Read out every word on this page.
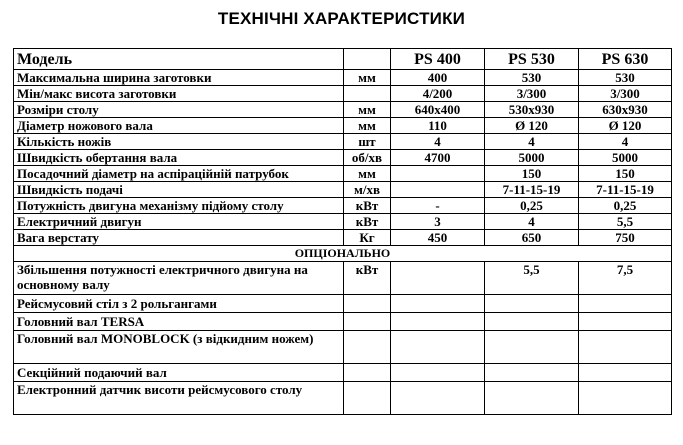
ТЕХНІЧНІ ХАРАКТЕРИСТИКИ
Модель		PS 400	PS 530	PS 630
Максимальна ширина заготовки	мм	400	530	530
Мін/макс висота заготовки		4/200	3/300	3/300
Розміри столу	мм	640x400	530x930	630x930
Діаметр ножового вала	мм	110	Ø 120	Ø 120
Кількість ножів	шт	4	4	4
Швидкість обертання вала	об/хв	4700	5000	5000
Посадочний діаметр на аспіраційній патрубок	мм		150	150
Швидкість подачі	м/хв		7-11-15-19	7-11-15-19
Потужність двигуна механізму підйому столу	кВт	-	0,25	0,25
Електричний двигун	кВт	3	4	5,5
Вага верстату	Кг	450	650	750
ОПЦІОНАЛЬНО				
Збільшення потужності електричного двигуна на основному валу	кВт		5,5	7,5
Рейсмусовий стіл з 2 рольгангами				
Головний вал TERSA				
Головний вал MONOBLOCK (з відкидним ножем)				
Секційний подаючий вал				
Електронний датчик висоти рейсмусового столу				
